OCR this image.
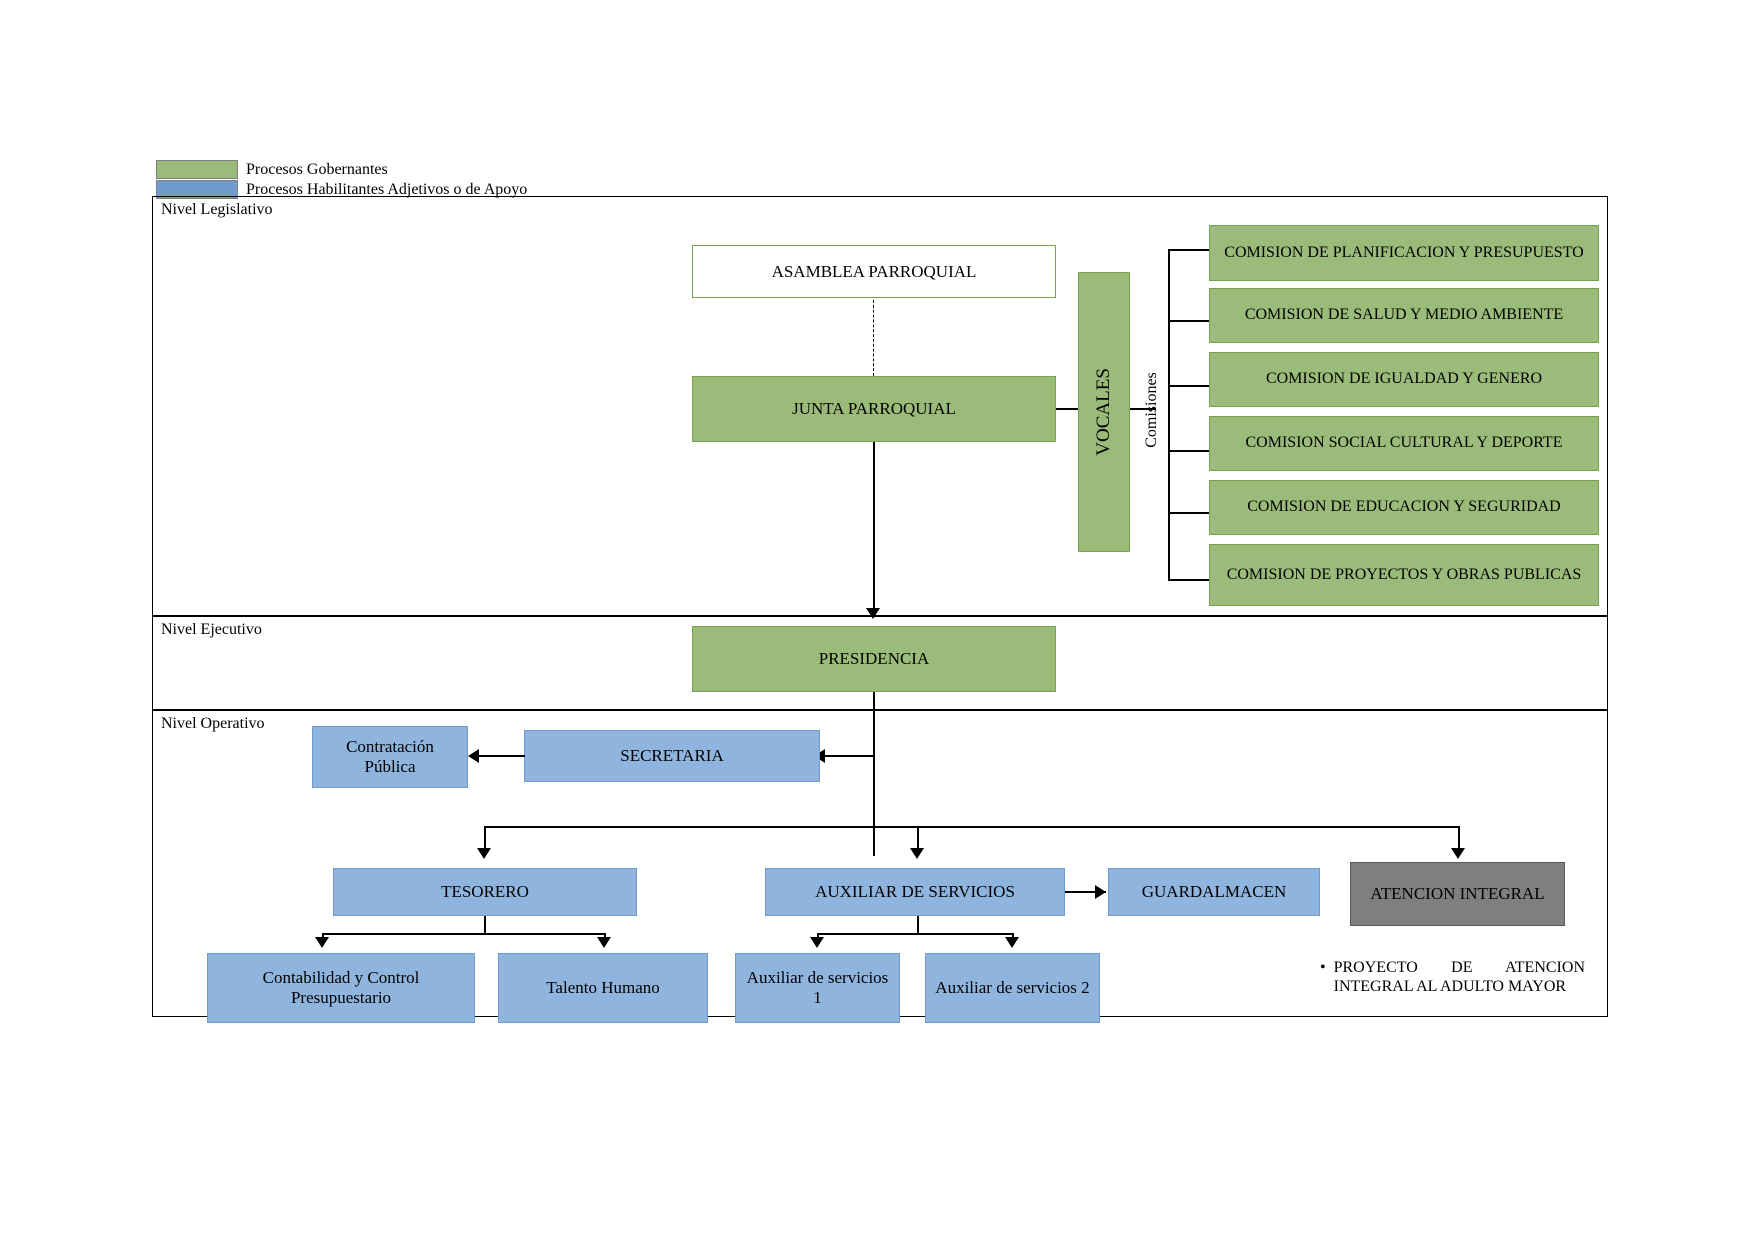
Procesos Gobernantes
Procesos Habilitantes Adjetivos o de Apoyo
Nivel Legislativo
Nivel Ejecutivo
Nivel Operativo
ASAMBLEA PARROQUIAL
JUNTA PARROQUIAL	VOCALES Comisiones
COMISION DE PLANIFICACION Y PRESUPUESTO
COMISION DE SALUD Y MEDIO AMBIENTE
COMISION DE IGUALDAD Y GENERO
COMISION SOCIAL CULTURAL Y DEPORTE
COMISION DE EDUCACION Y SEGURIDAD
COMISION DE PROYECTOS Y OBRAS PUBLICAS
PRESIDENCIA
SECRETARIA
Contratación Pública
TESORERO	AUXILIAR DE SERVICIOS	GUARDALMACEN	ATENCION INTEGRAL
Contabilidad y Control Presupuestario
Talento Humano
Auxiliar de servicios 1
Auxiliar de servicios 2
• PROYECTO DE ATENCION INTEGRAL AL ADULTO MAYOR
